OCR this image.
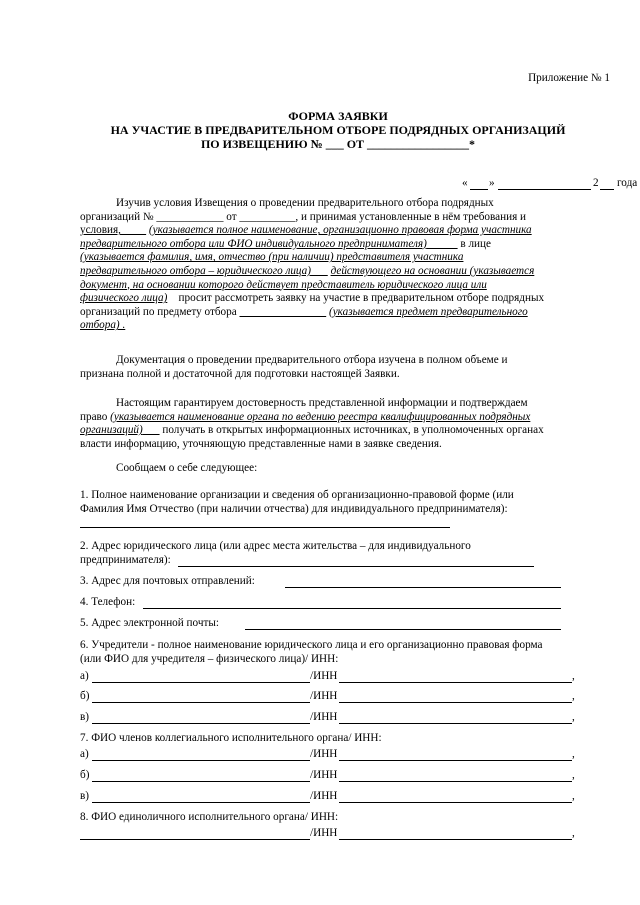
Приложение № 1
ФОРМА ЗАЯВКИ
НА УЧАСТИЕ В ПРЕДВАРИТЕЛЬНОМ ОТБОРЕ ПОДРЯДНЫХ ОРГАНИЗАЦИЙ
ПО ИЗВЕЩЕНИЮ № ___ ОТ _________________*
« »	2 года
Изучив условия Извещения о проведении предварительного отбора подрядных
организаций № ____________ от __________, и принимая установленные в нём требования и
условия, (указывается полное наименование, организационно правовая форма участника
предварительного отбора или ФИО индивидуального предпринимателя)	в лице
(указывается фамилия, имя, отчество (при наличии) представителя участника
предварительного отбора – юридического лица) действующего на основании (указывается
документ, на основании которого действует представитель юридического лица или
физического лица) просит рассмотреть заявку на участие в предварительном отборе подрядных
организаций по предмету отбора	(указывается предмет предварительного
отбора) .
Документация о проведении предварительного отбора изучена в полном объеме и
признана полной и достаточной для подготовки настоящей Заявки.
Настоящим гарантируем достоверность представленной информации и подтверждаем
право (указывается наименование органа по ведению реестра квалифицированных подрядных
организаций) получать в открытых информационных источниках, в уполномоченных органах
власти информацию, уточняющую представленные нами в заявке сведения.
Сообщаем о себе следующее:
1. Полное наименование организации и сведения об организационно-правовой форме (или
Фамилия Имя Отчество (при наличии отчества) для индивидуального предпринимателя):
2. Адрес юридического лица (или адрес места жительства – для индивидуального
предпринимателя):
3. Адрес для почтовых отправлений:
4. Телефон:
5. Адрес электронной почты:
6. Учредители - полное наименование юридического лица и его организационно правовая форма
(или ФИО для учредителя – физического лица)/ ИНН:
а)	/ИНН	,
б)	/ИНН	,
в)	/ИНН	,
7. ФИО членов коллегиального исполнительного органа/ ИНН:
а)	/ИНН	,
б)	/ИНН	,
в)	/ИНН	,
8. ФИО единоличного исполнительного органа/ ИНН:
/ИНН	,
